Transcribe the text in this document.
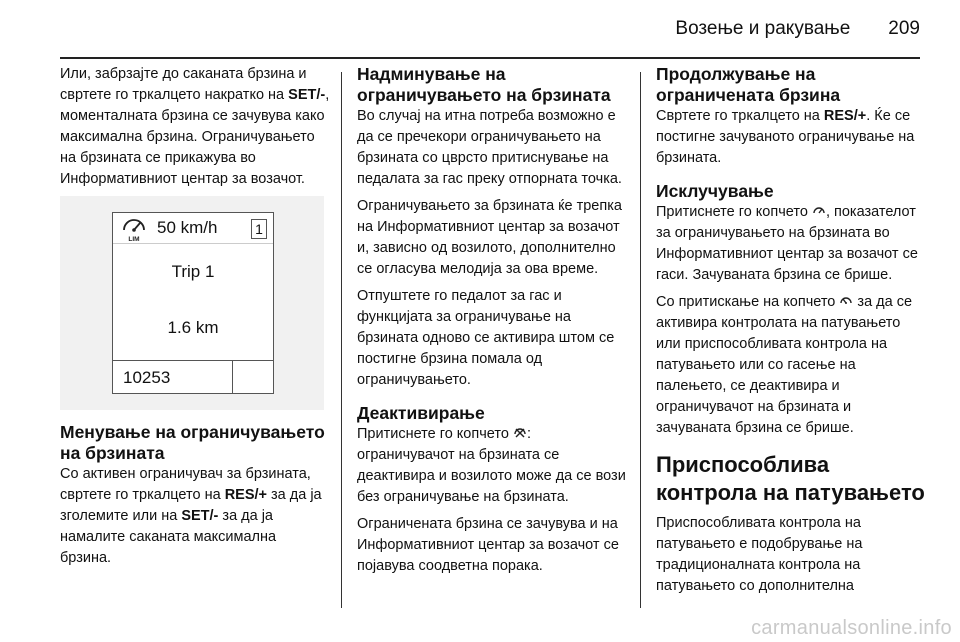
Возење и ракување 209

Или, забрзајте до саканата брзина и свртете го тркалцето накратко на SET/-, моменталната брзина се зачувува како максимална брзина. Ограничувањето на брзината се прикажува во Информативниот центар за возачот.

LIM
50 km/h	1
Trip 1
1.6 km
10253
Менување на ограничувањето на брзината

Со активен ограничувач за брзината, свртете го тркалцето на RES/+ за да ја зголемите или на SET/- за да ја намалите саканата максимална брзина.

Надминување на ограничувањето на брзината

Во случај на итна потреба возможно е да се пречекори ограничувањето на брзината со цврсто притиснување на педалата за гас преку отпорната точка.

Ограничувањето за брзината ќе трепка на Информативниот центар за возачот и, зависно од возилото, дополнително се огласува мелодија за ова време.

Отпуштете го педалот за гас и функцијата за ограничување на брзината одново се активира штом се постигне брзина помала од ограничувањето.

Деактивирање

Притиснете го копчето : ограничувачот на брзината се деактивира и возилото може да се вози без ограничување на брзината.

Ограничената брзина се зачувува и на Информативниот центар за возачот се појавува соодветна порака.

Продолжување на ограничената брзина

Свртете го тркалцето на RES/+. Ќе се постигне зачуваното ограничување на брзината.

Исклучување

Притиснете го копчето , показателот за ограничувањето на брзината во Информативниот центар за возачот се гаси. Зачуваната брзина се брише.

Со притискање на копчето  за да се активира контролата на патувањето или приспособливата контрола на патувањето или со гасење на палењето, се деактивира и ограничувачот на брзината и зачуваната брзина се брише.

Приспособлива контрола на патувањето

Приспособливата контрола на патувањето е подобрување на традиционалната контрола на патувањето со дополнителна

carmanualsonline.info
